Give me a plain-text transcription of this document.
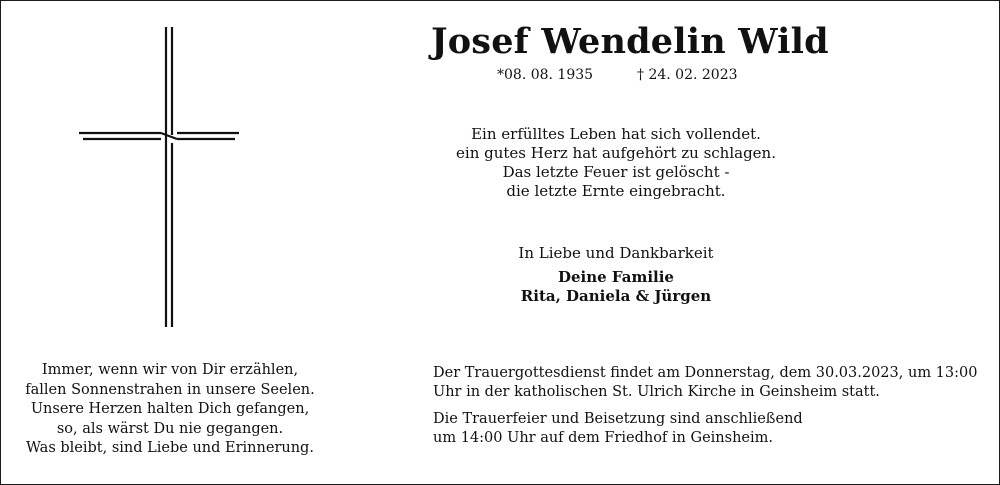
Josef Wendelin Wild
*08. 08. 1935	† 24. 02. 2023
Ein erfülltes Leben hat sich vollendet.
ein gutes Herz hat aufgehört zu schlagen.
Das letzte Feuer ist gelöscht -
die letzte Ernte eingebracht.
In Liebe und Dankbarkeit
Deine Familie
Rita, Daniela & Jürgen
Immer, wenn wir von Dir erzählen,
fallen Sonnenstrahen in unsere Seelen.
Unsere Herzen halten Dich gefangen,
so, als wärst Du nie gegangen.
Was bleibt, sind Liebe und Erinnerung.

Der Trauergottesdienst findet am Donnerstag, dem 30.03.2023, um 13:00
Uhr in der katholischen St. Ulrich Kirche in Geinsheim statt.

Die Trauerfeier und Beisetzung sind anschließend
um 14:00 Uhr auf dem Friedhof in Geinsheim.
